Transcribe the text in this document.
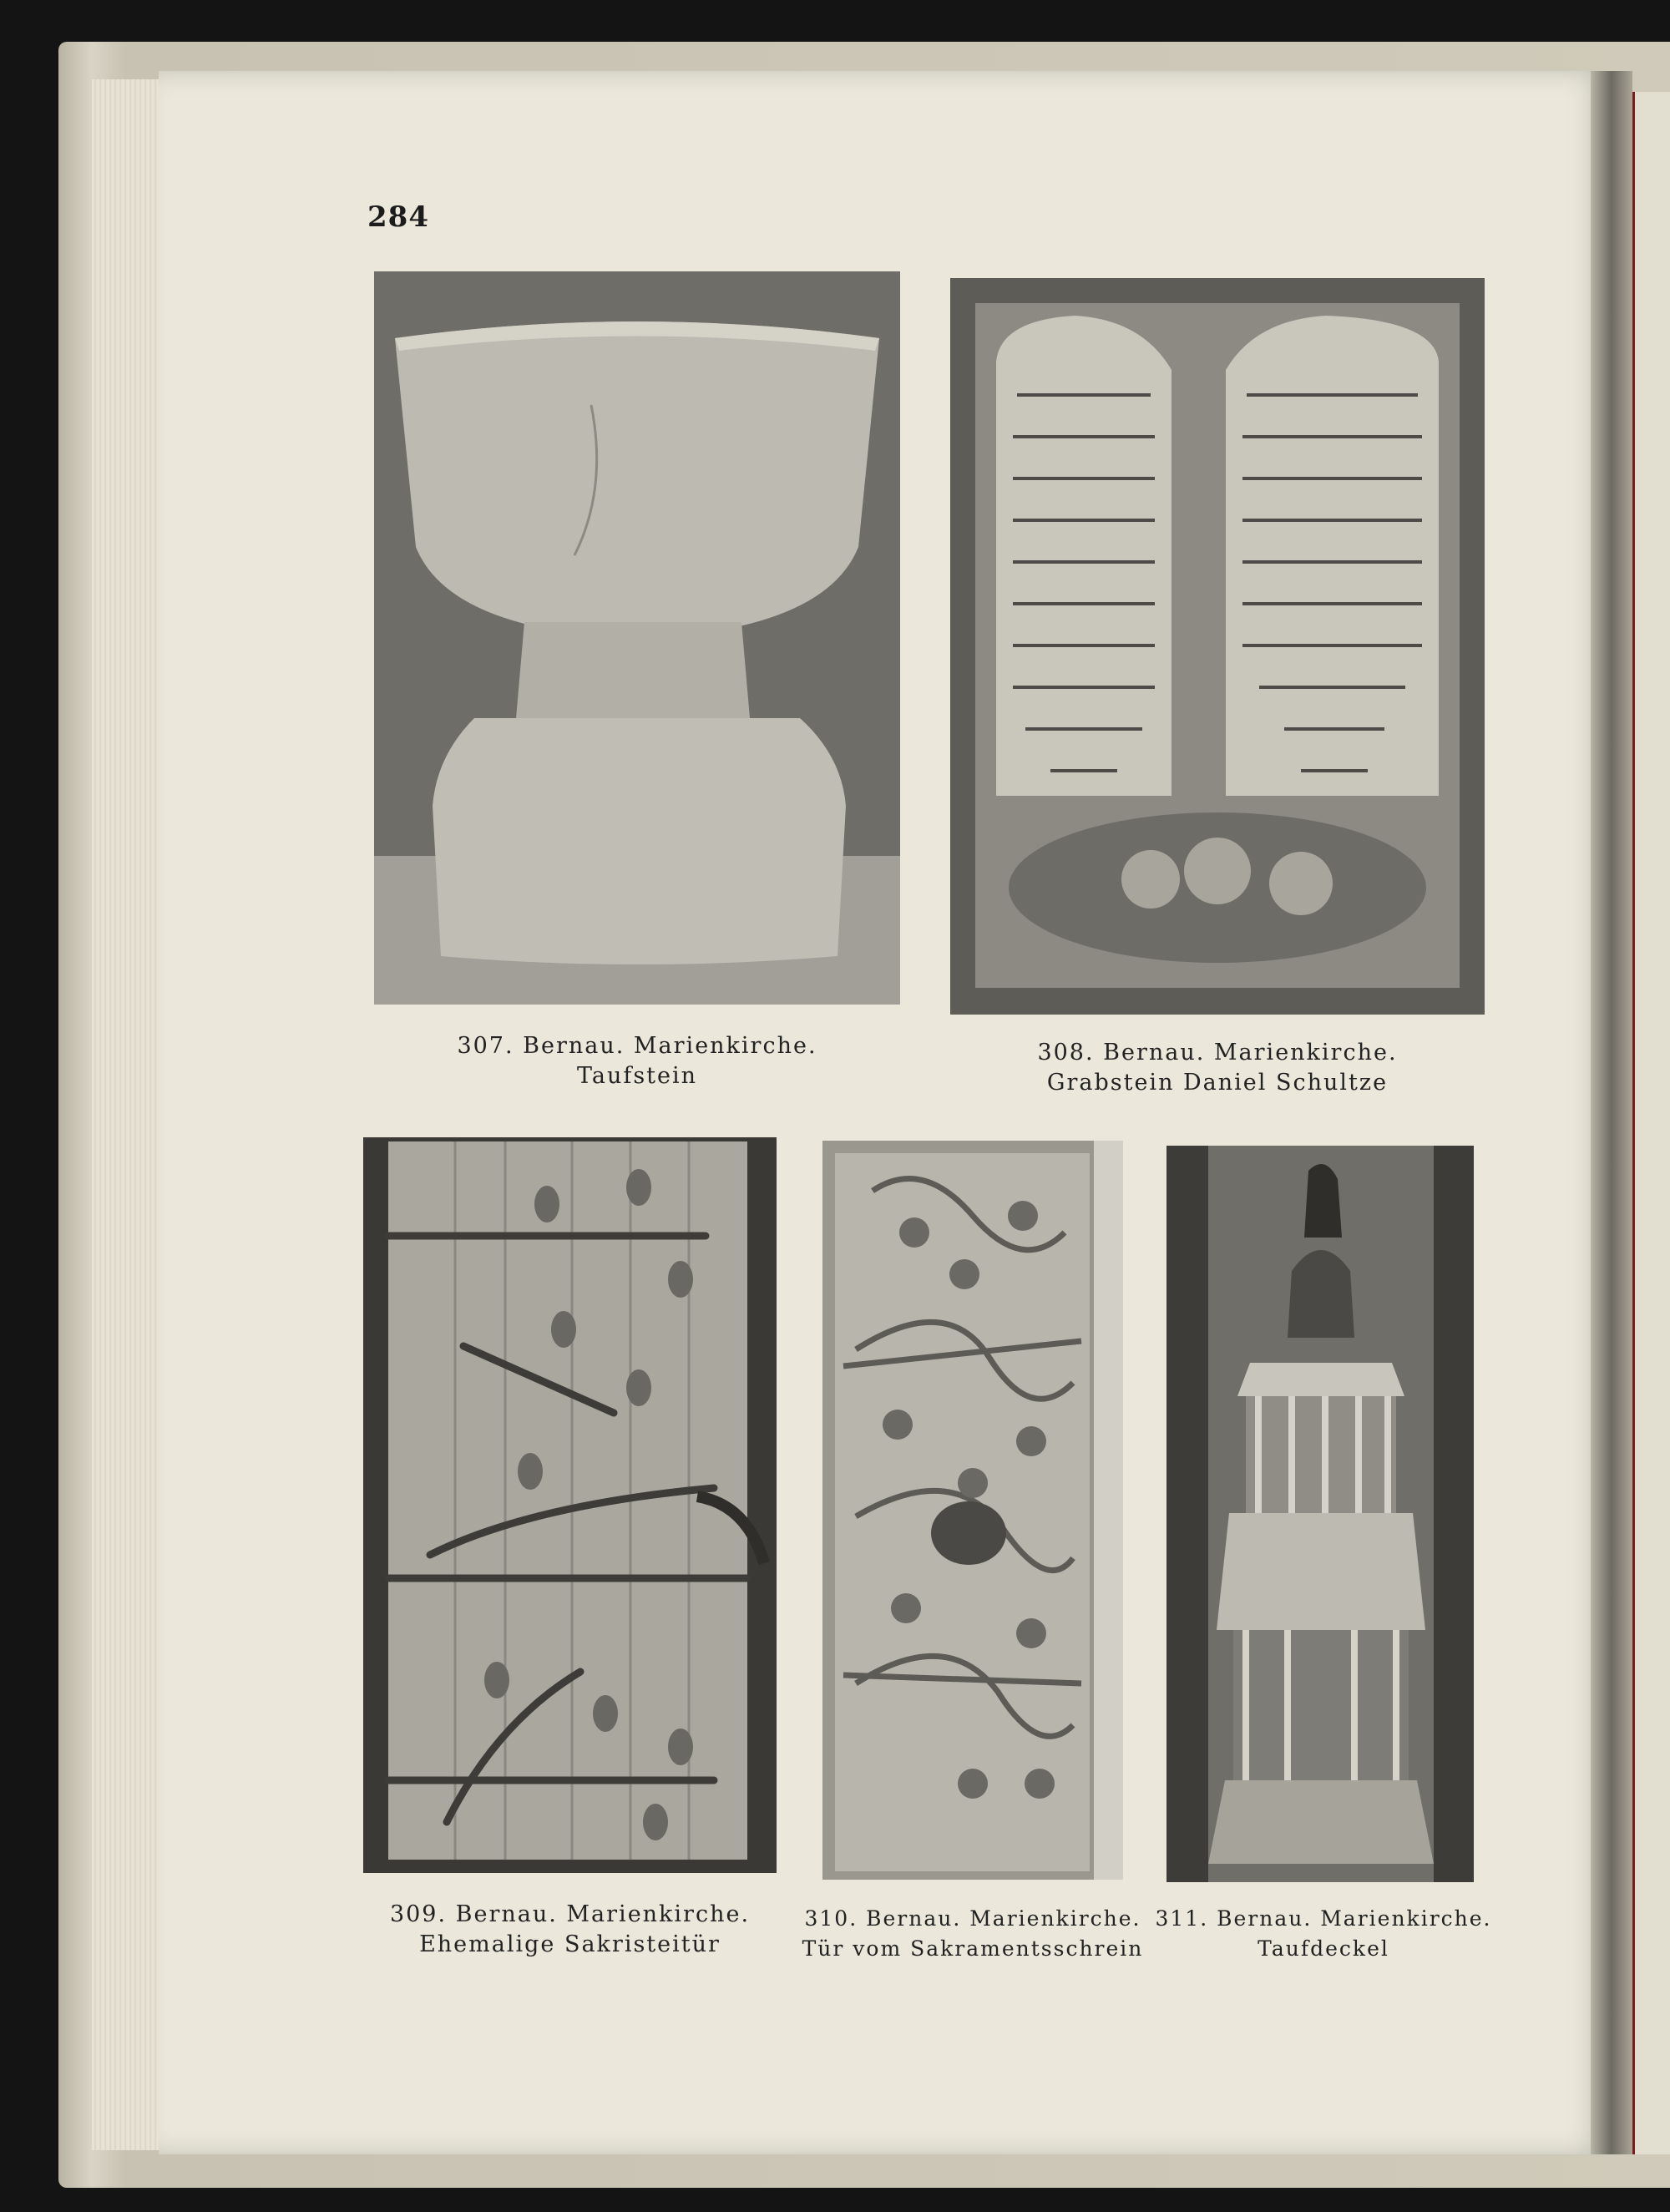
284
307. Bernau. Marienkirche.
Taufstein
308. Bernau. Marienkirche.
Grabstein Daniel Schultze
309. Bernau. Marienkirche.
Ehemalige Sakristeitür
310. Bernau. Marienkirche.
Tür vom Sakramentsschrein
311. Bernau. Marienkirche.
Taufdeckel
